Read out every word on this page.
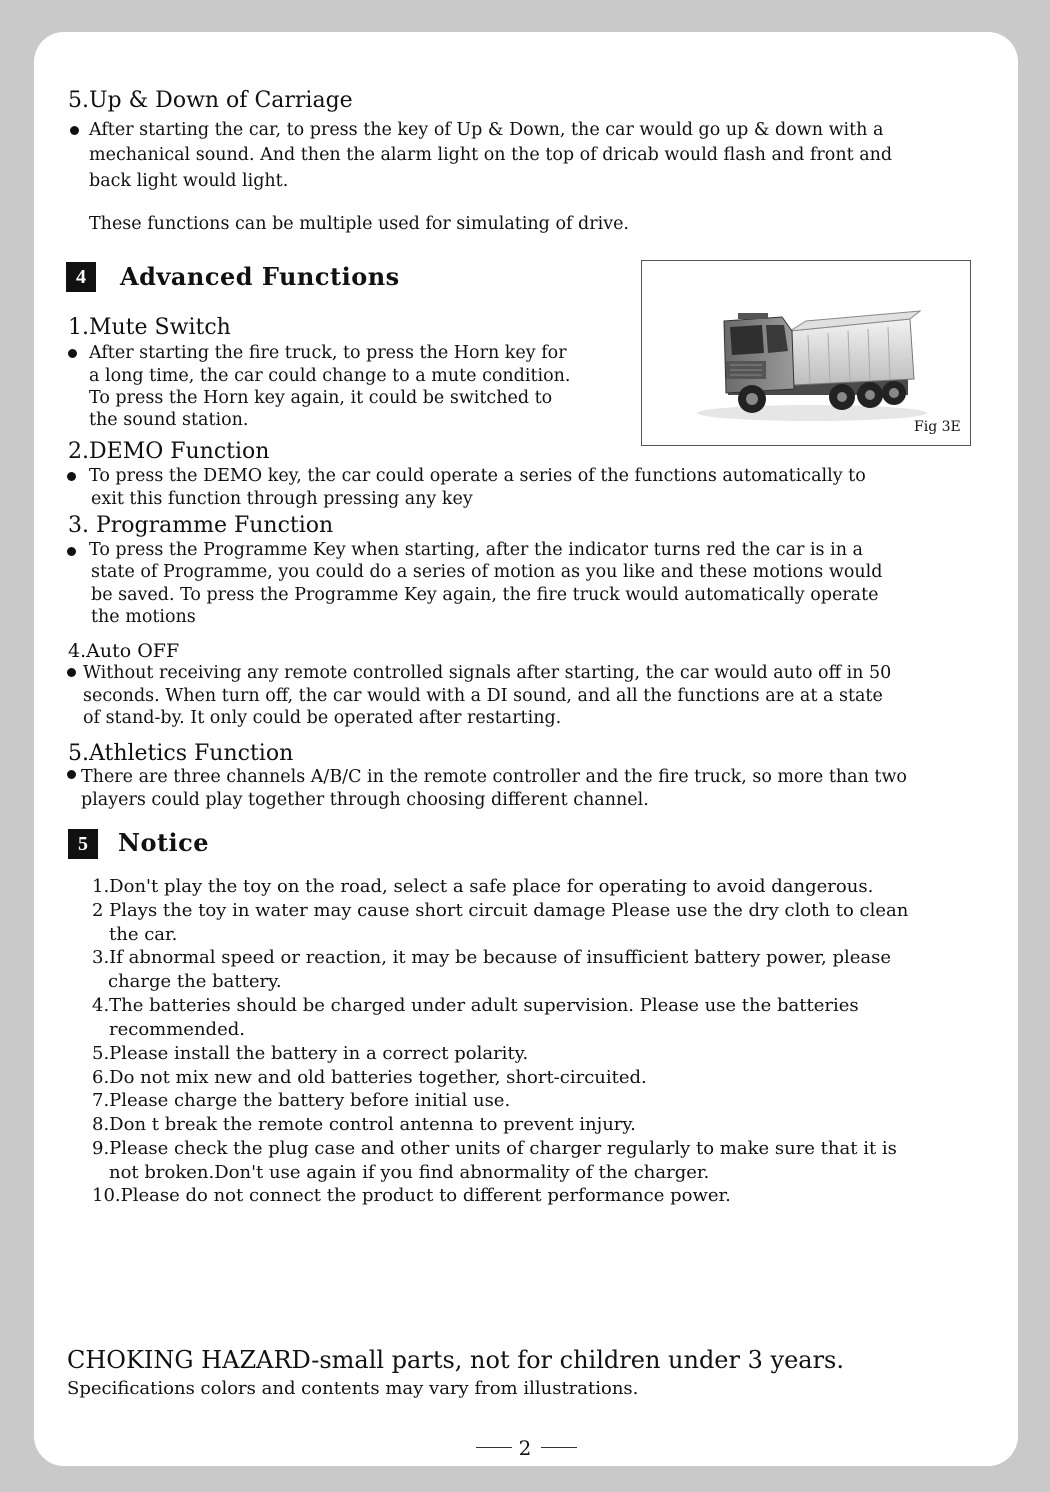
5.Up & Down of Carriage
After starting the car, to press the key of Up & Down, the car would go up & down with a
mechanical sound. And then the alarm light on the top of dricab would flash and front and
back light would light.
These functions can be multiple used for simulating of drive.
4	Advanced Functions
1.Mute Switch
After starting the fire truck, to press the Horn key for
a long time, the car could change to a mute condition.
To press the Horn key again, it could be switched to
the sound station.	Fig 3E
2.DEMO Function
To press the DEMO key, the car could operate a series of the functions automatically to
exit this function through pressing any key
3. Programme Function
To press the Programme Key when starting, after the indicator turns red the car is in a
state of Programme, you could do a series of motion as you like and these motions would
be saved. To press the Programme Key again, the fire truck would automatically operate
the motions
4.Auto OFF
Without receiving any remote controlled signals after starting, the car would auto off in 50
seconds. When turn off, the car would with a DI sound, and all the functions are at a state
of stand-by. It only could be operated after restarting.
5.Athletics Function
There are three channels A/B/C in the remote controller and the fire truck, so more than two
players could play together through choosing different channel.
5	Notice
1.Don't play the toy on the road, select a safe place for operating to avoid dangerous.
2 Plays the toy in water may cause short circuit damage Please use the dry cloth to clean
the car.
3.If abnormal speed or reaction, it may be because of insufficient battery power, please
charge the battery.
4.The batteries should be charged under adult supervision. Please use the batteries
recommended.
5.Please install the battery in a correct polarity.
6.Do not mix new and old batteries together, short-circuited.
7.Please charge the battery before initial use.
8.Don t break the remote control antenna to prevent injury.
9.Please check the plug case and other units of charger regularly to make sure that it is
not broken.Don't use again if you find abnormality of the charger.
10.Please do not connect the product to different performance power.
CHOKING HAZARD-small parts, not for children under 3 years.
Specifications colors and contents may vary from illustrations.
2
